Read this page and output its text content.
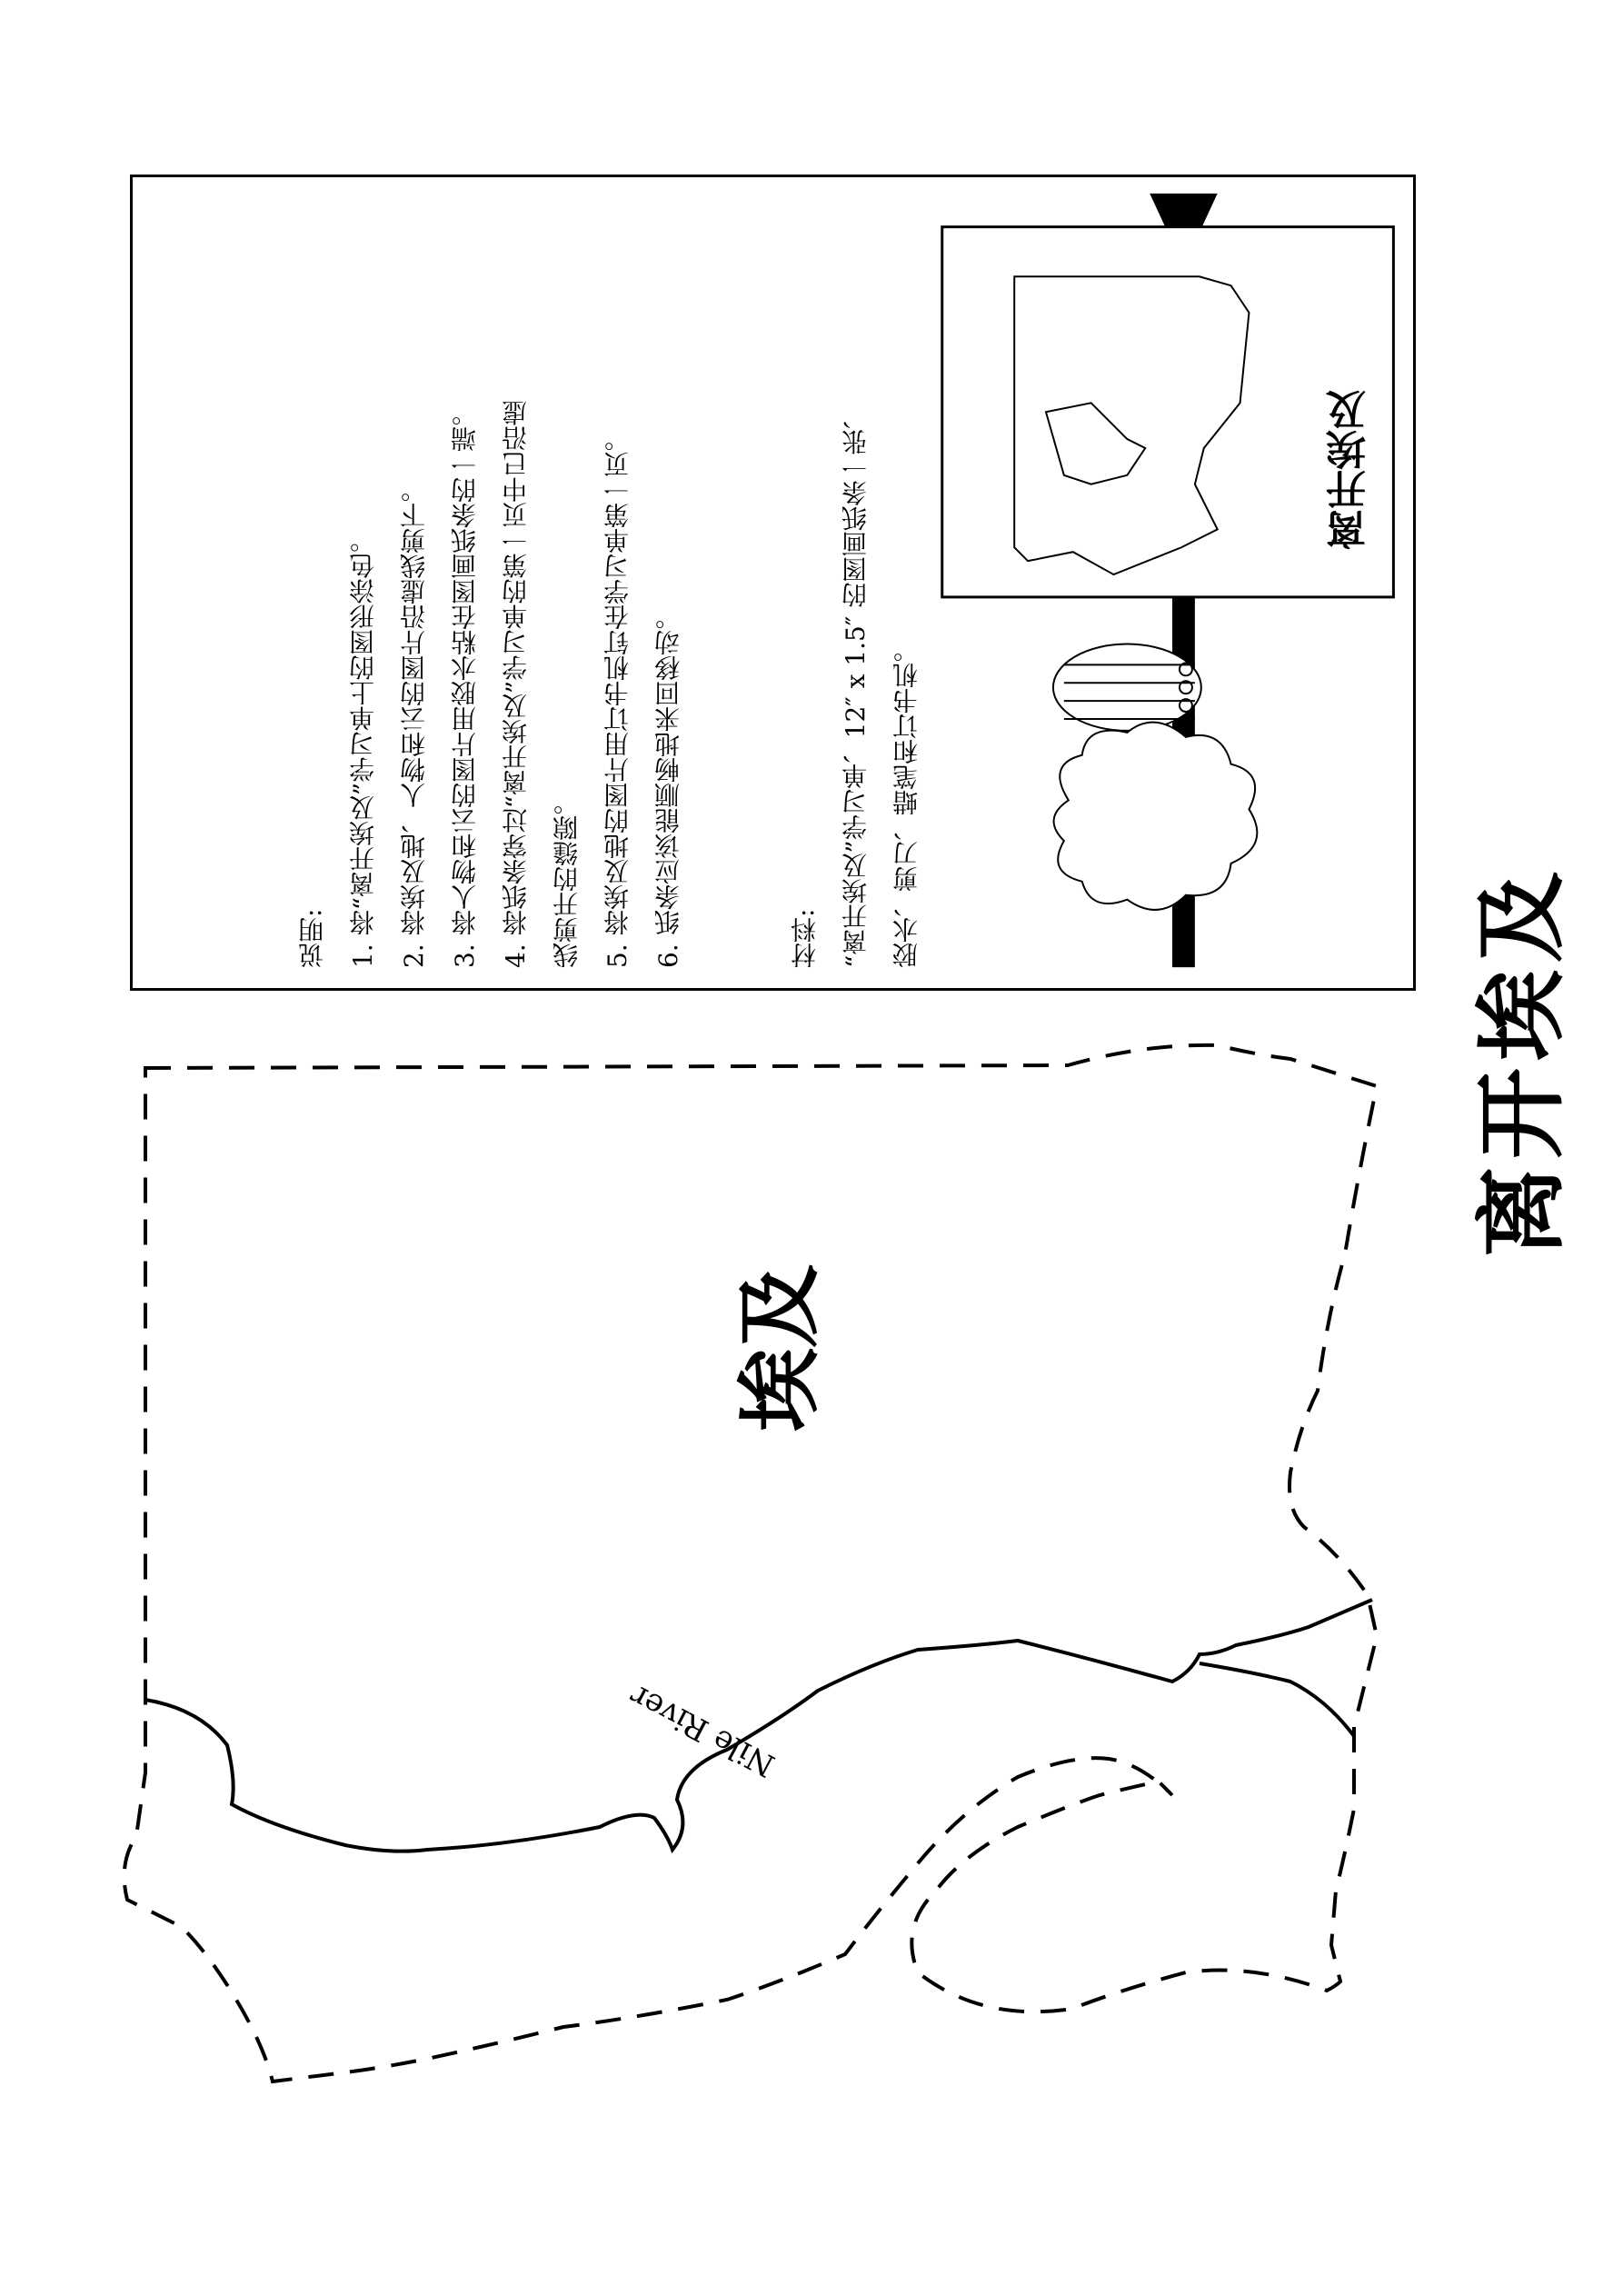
离开埃及
离开埃及
材料: “离开埃及”学习单、12″ x 1.5″ 的图画纸条一张、 胶水、剪刀、蜡笔和订书机。
说明: 1. 将“离开埃及”学习单上的图形涂色。 2. 将埃及地、人物和云的图片沿虚线剪下。 3. 将人物和云的图片用胶水粘在图画纸条的一端。 4. 将纸条穿过“离开埃及”学习单的第一页中已沿虚 线剪开的缝隙。 5. 将埃及地的图片用订书机钉在学习单第一页。 6. 纸条应该能顺畅地来回移动。
Nile River
埃及
